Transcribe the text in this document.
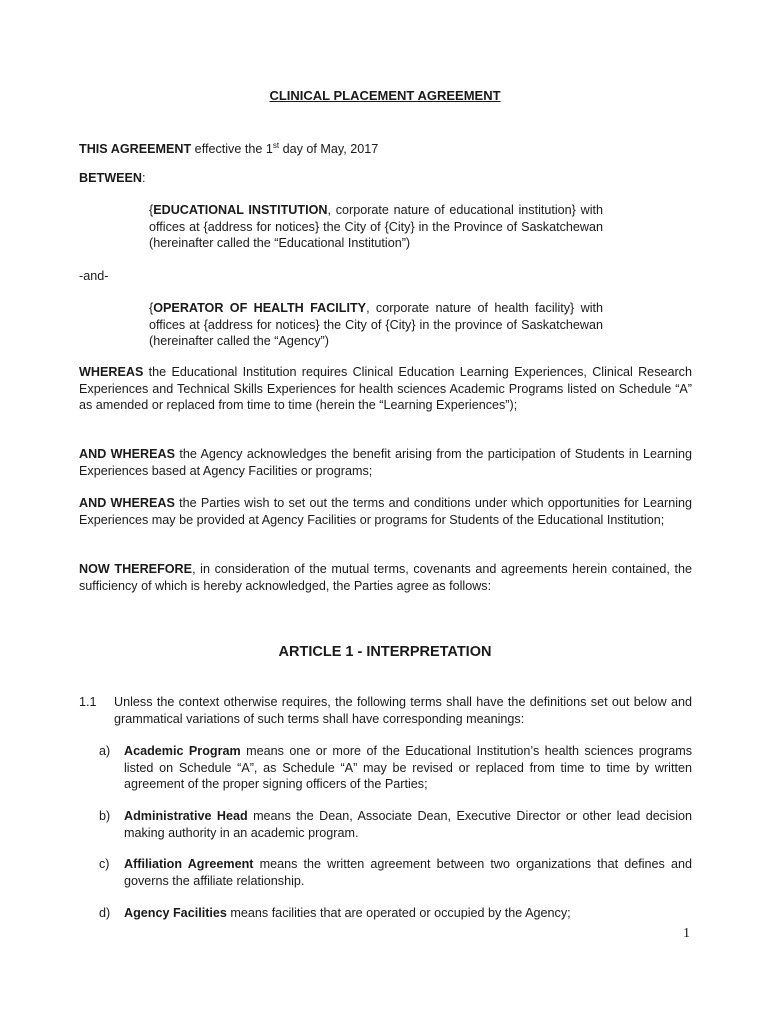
CLINICAL PLACEMENT AGREEMENT

THIS AGREEMENT effective the 1st day of May, 2017

BETWEEN:

{EDUCATIONAL INSTITUTION, corporate nature of educational institution} with offices at {address for notices} the City of {City} in the Province of Saskatchewan (hereinafter called the “Educational Institution”)

-and-

{OPERATOR OF HEALTH FACILITY, corporate nature of health facility} with offices at {address for notices} the City of {City} in the province of Saskatchewan (hereinafter called the “Agency”)

WHEREAS the Educational Institution requires Clinical Education Learning Experiences, Clinical Research Experiences and Technical Skills Experiences for health sciences Academic Programs listed on Schedule “A” as amended or replaced from time to time (herein the “Learning Experiences”);

AND WHEREAS the Agency acknowledges the benefit arising from the participation of Students in Learning Experiences based at Agency Facilities or programs;

AND WHEREAS the Parties wish to set out the terms and conditions under which opportunities for Learning Experiences may be provided at Agency Facilities or programs for Students of the Educational Institution;

NOW THEREFORE, in consideration of the mutual terms, covenants and agreements herein contained, the sufficiency of which is hereby acknowledged, the Parties agree as follows:

ARTICLE 1 - INTERPRETATION
1.1 Unless the context otherwise requires, the following terms shall have the definitions set out below and grammatical variations of such terms shall have corresponding meanings:

a) Academic Program means one or more of the Educational Institution’s health sciences programs listed on Schedule “A”, as Schedule “A” may be revised or replaced from time to time by written agreement of the proper signing officers of the Parties;

b) Administrative Head means the Dean, Associate Dean, Executive Director or other lead decision making authority in an academic program.

c) Affiliation Agreement means the written agreement between two organizations that defines and governs the affiliate relationship.

d) Agency Facilities means facilities that are operated or occupied by the Agency;

1
